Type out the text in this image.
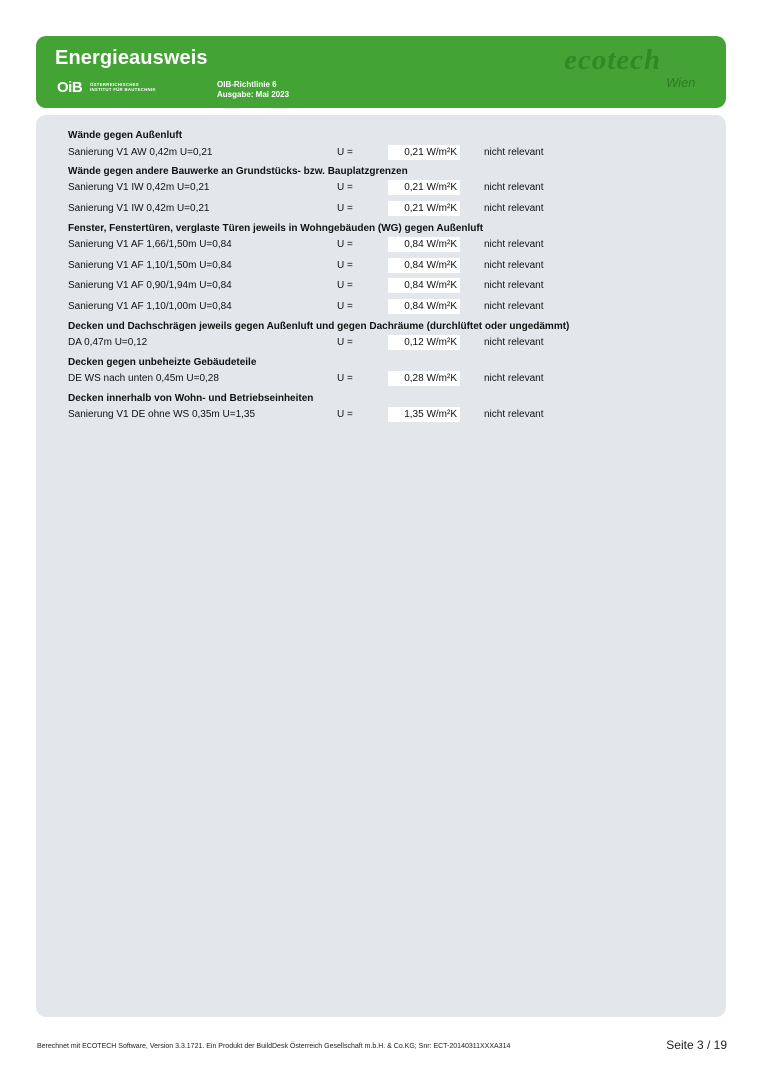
Energieausweis
OiB ÖSTERREICHISCHES
INSTITUT FÜR BAUTECHNIK
OIB-Richtlinie 6
Ausgabe: Mai 2023
ecotech
Wien
Wände gegen Außenluft
Sanierung V1 AW 0,42m U=0,21	U =	0,21 W/m²K	nicht relevant
Wände gegen andere Bauwerke an Grundstücks- bzw. Bauplatzgrenzen
Sanierung V1 IW 0,42m U=0,21	U =	0,21 W/m²K	nicht relevant
Sanierung V1 IW 0,42m U=0,21	U =	0,21 W/m²K	nicht relevant
Fenster, Fenstertüren, verglaste Türen jeweils in Wohngebäuden (WG) gegen Außenluft
Sanierung V1 AF 1,66/1,50m U=0,84	U =	0,84 W/m²K	nicht relevant
Sanierung V1 AF 1,10/1,50m U=0,84	U =	0,84 W/m²K	nicht relevant
Sanierung V1 AF 0,90/1,94m U=0,84	U =	0,84 W/m²K	nicht relevant
Sanierung V1 AF 1,10/1,00m U=0,84	U =	0,84 W/m²K	nicht relevant
Decken und Dachschrägen jeweils gegen Außenluft und gegen Dachräume (durchlüftet oder ungedämmt)
DA 0,47m U=0,12	U =	0,12 W/m²K	nicht relevant
Decken gegen unbeheizte Gebäudeteile
DE WS nach unten 0,45m U=0,28	U =	0,28 W/m²K	nicht relevant
Decken innerhalb von Wohn- und Betriebseinheiten
Sanierung V1 DE ohne WS 0,35m U=1,35	U =	1,35 W/m²K	nicht relevant
Berechnet mit ECOTECH Software, Version 3.3.1721. Ein Produkt der BuildDesk Österreich Gesellschaft m.b.H. & Co.KG; Snr: ECT-20140311XXXA314	Seite 3 / 19
